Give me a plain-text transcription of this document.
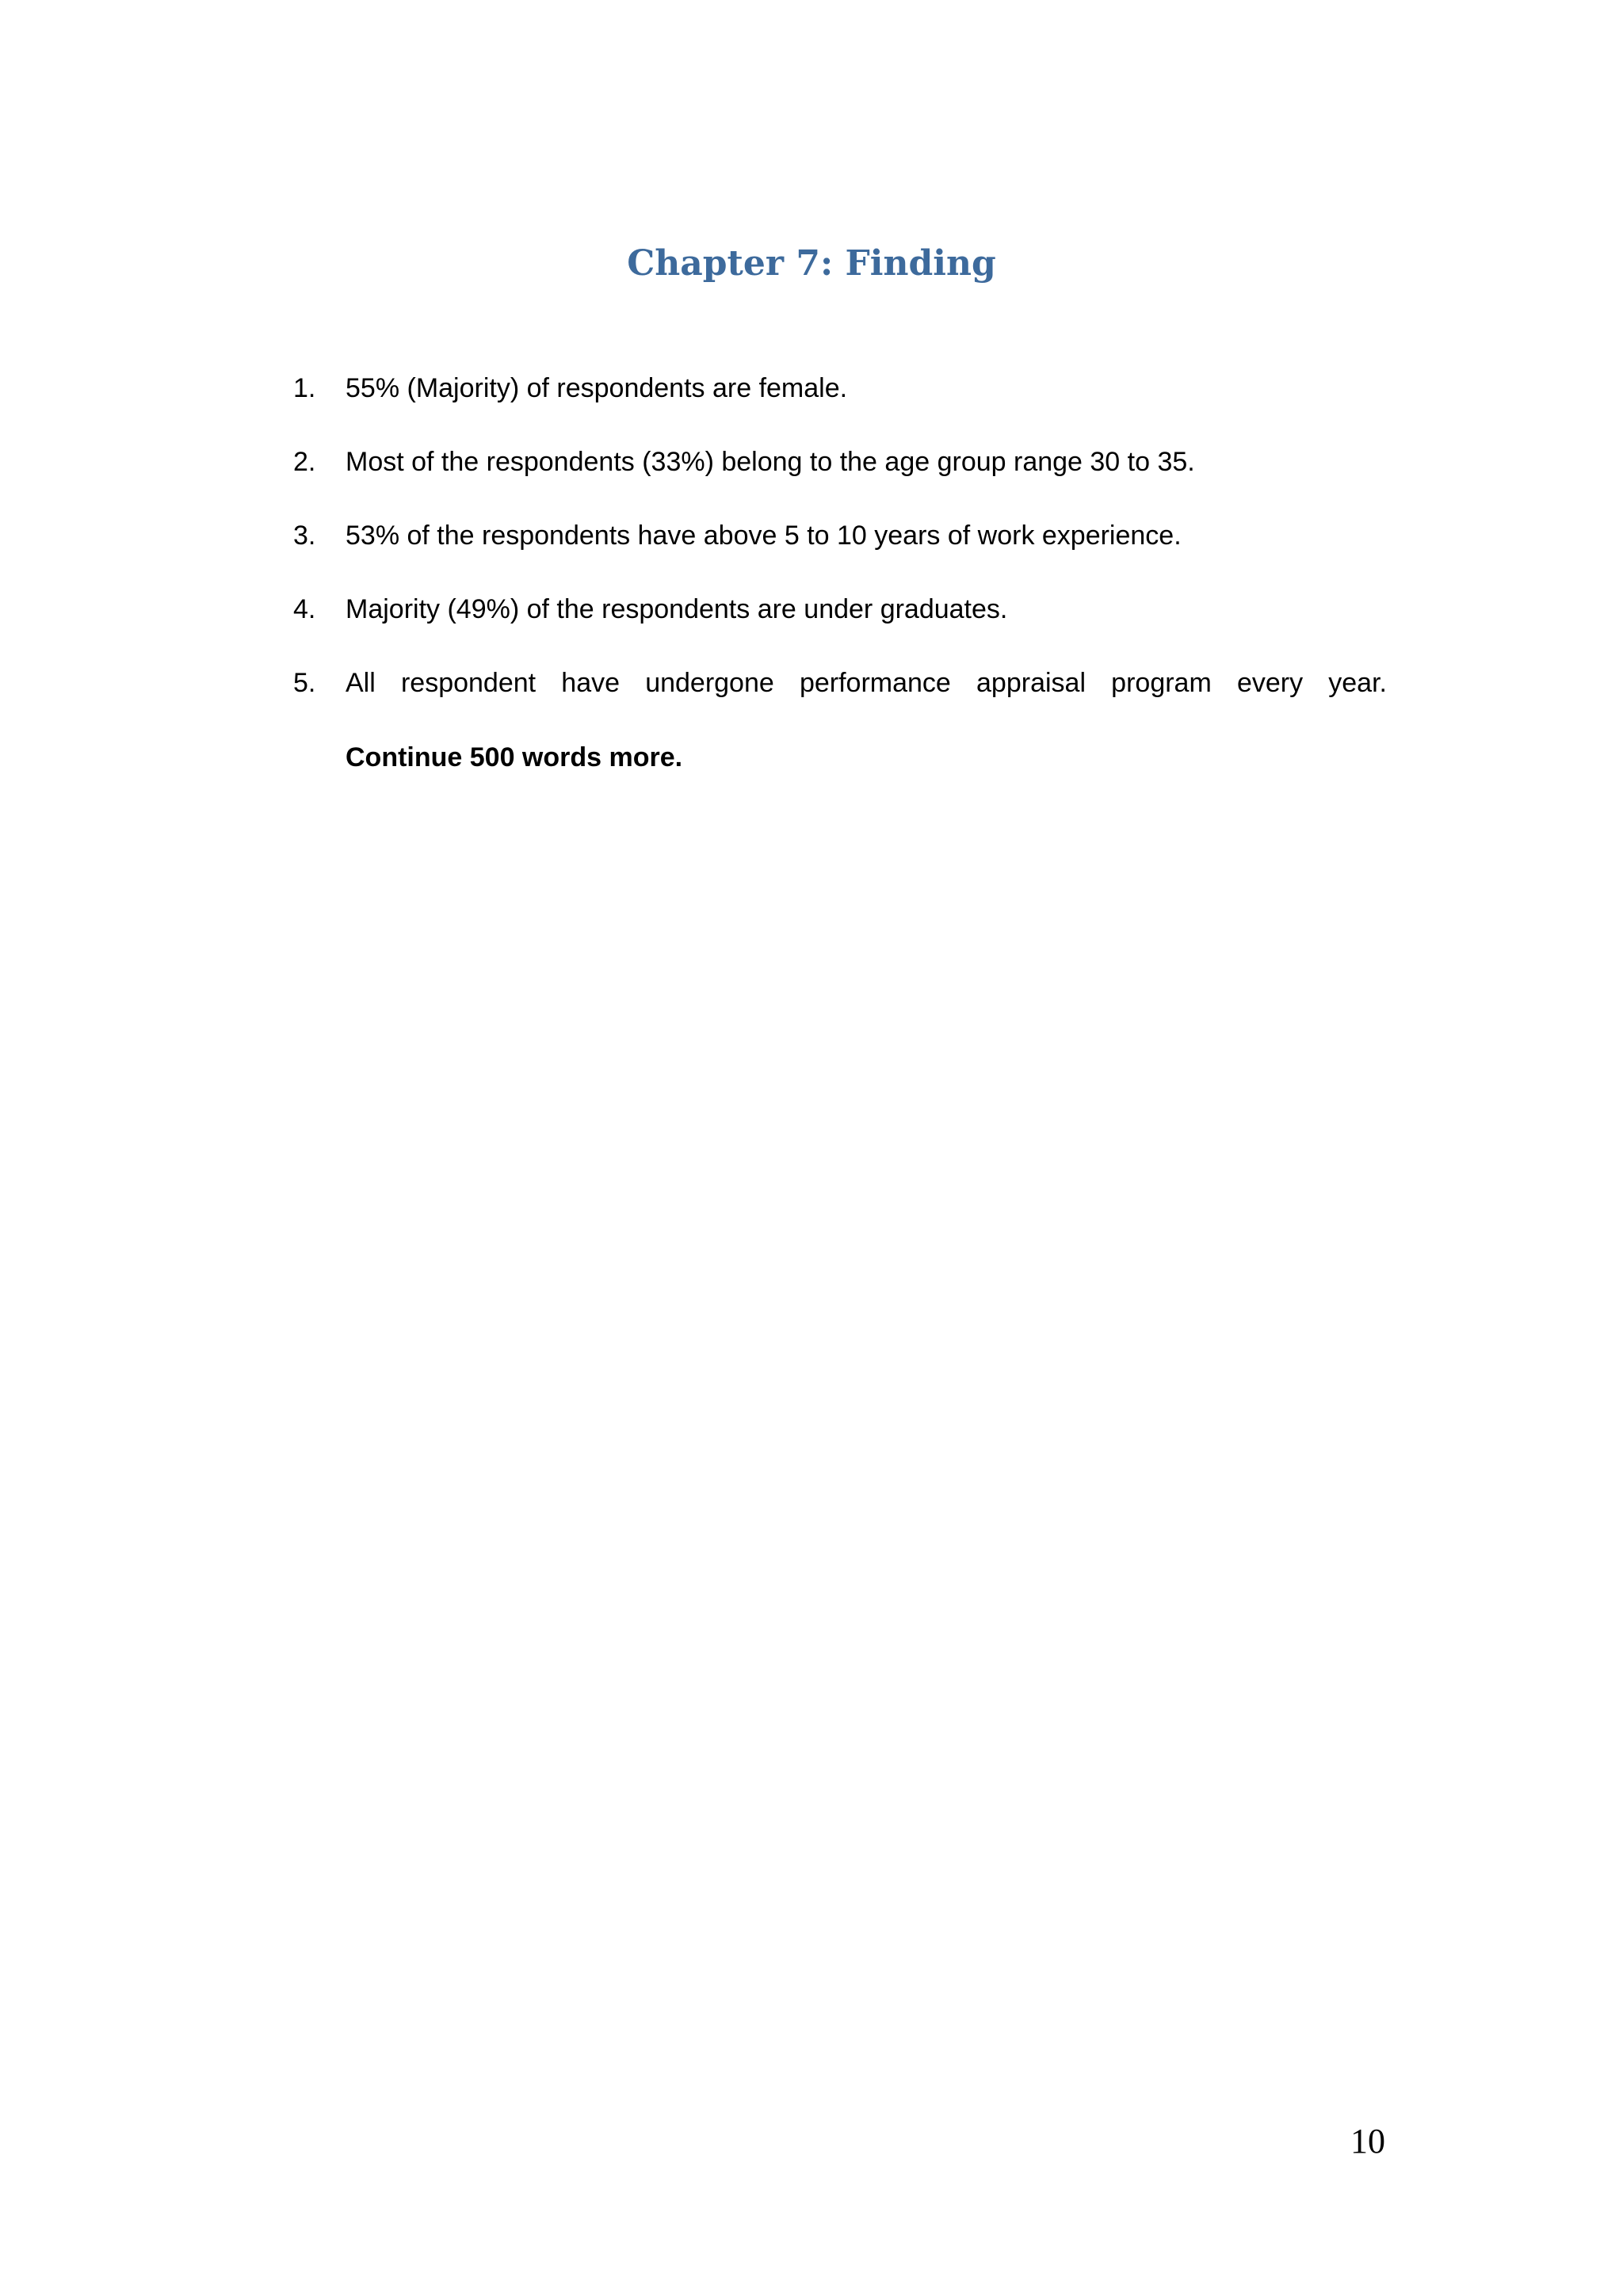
Chapter 7: Finding
1.	55% (Majority) of respondents are female.
2.	Most of the respondents (33%) belong to the age group range 30 to 35.
3.	53% of the respondents have above 5 to 10 years of work experience.
4.	Majority (49%) of the respondents are under graduates.
5.	All respondent have undergone performance appraisal program every year.
Continue 500 words more.
10
